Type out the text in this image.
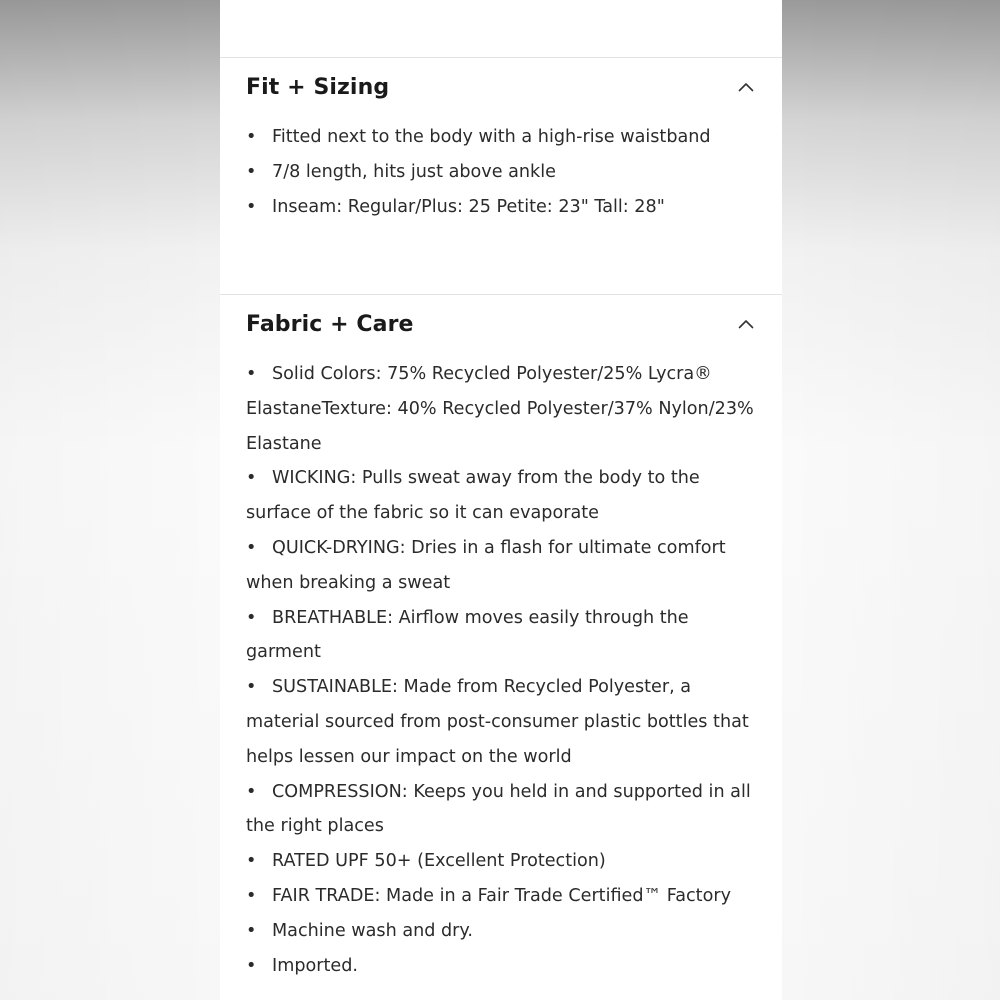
Fit + Sizing
• Fitted next to the body with a high-rise waistband
• 7/8 length, hits just above ankle
• Inseam: Regular/Plus: 25 Petite: 23" Tall: 28"
Fabric + Care
• Solid Colors: 75% Recycled Polyester/25% Lycra® ElastaneTexture: 40% Recycled Polyester/37% Nylon/23% Elastane
• WICKING: Pulls sweat away from the body to the surface of the fabric so it can evaporate
• QUICK-DRYING: Dries in a flash for ultimate comfort when breaking a sweat
• BREATHABLE: Airflow moves easily through the garment
• SUSTAINABLE: Made from Recycled Polyester, a material sourced from post-consumer plastic bottles that helps lessen our impact on the world
• COMPRESSION: Keeps you held in and supported in all the right places
• RATED UPF 50+ (Excellent Protection)
• FAIR TRADE: Made in a Fair Trade Certified™ Factory
• Machine wash and dry.
• Imported.
